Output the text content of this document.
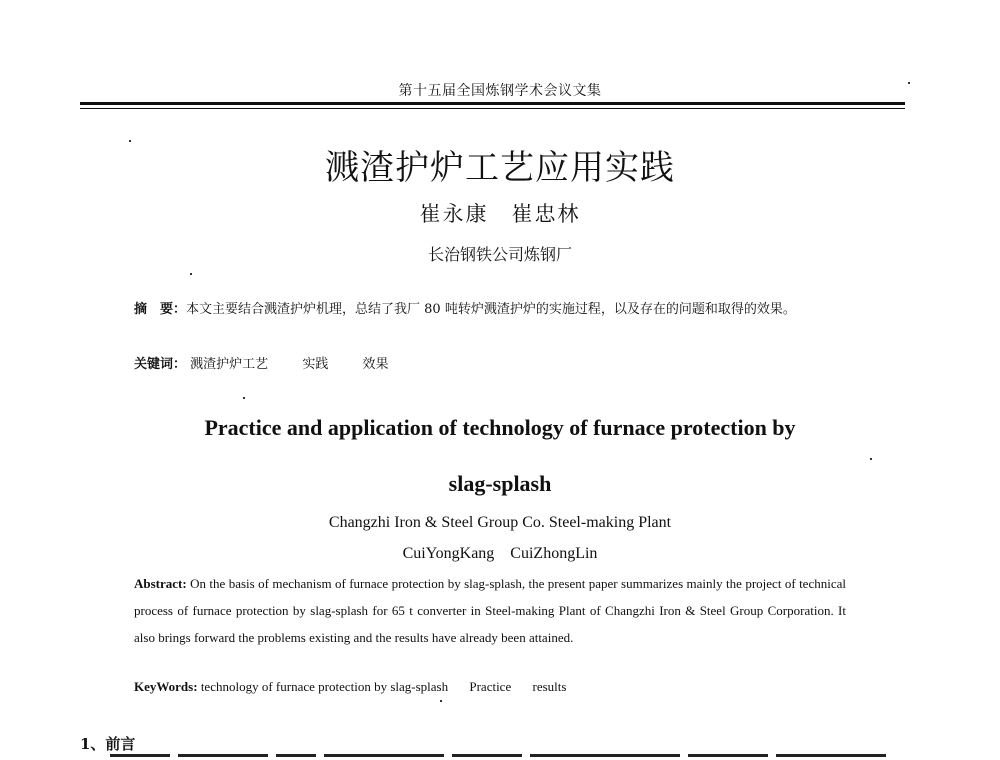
第十五届全国炼钢学术会议文集
溅渣护炉工艺应用实践
崔永康　崔忠林
长治钢铁公司炼钢厂
摘　要：本文主要结合溅渣护炉机理，总结了我厂 80 吨转炉溅渣护炉的实施过程，以及存在的问题和取得的效果。
关键词： 溅渣护炉工艺	实践	效果
Practice and application of technology of furnace protection by
slag-splash
Changzhi Iron & Steel Group Co. Steel-making Plant
CuiYongKang　CuiZhongLin
Abstract: On the basis of mechanism of furnace protection by slag-splash, the present paper summarizes mainly the project of technical process of furnace protection by slag-splash for 65 t converter in Steel-making Plant of Changzhi Iron & Steel Group Corporation. It also brings forward the problems existing and the results have already been attained.
KeyWords: technology of furnace protection by slag-splash Practice results
1、前言
